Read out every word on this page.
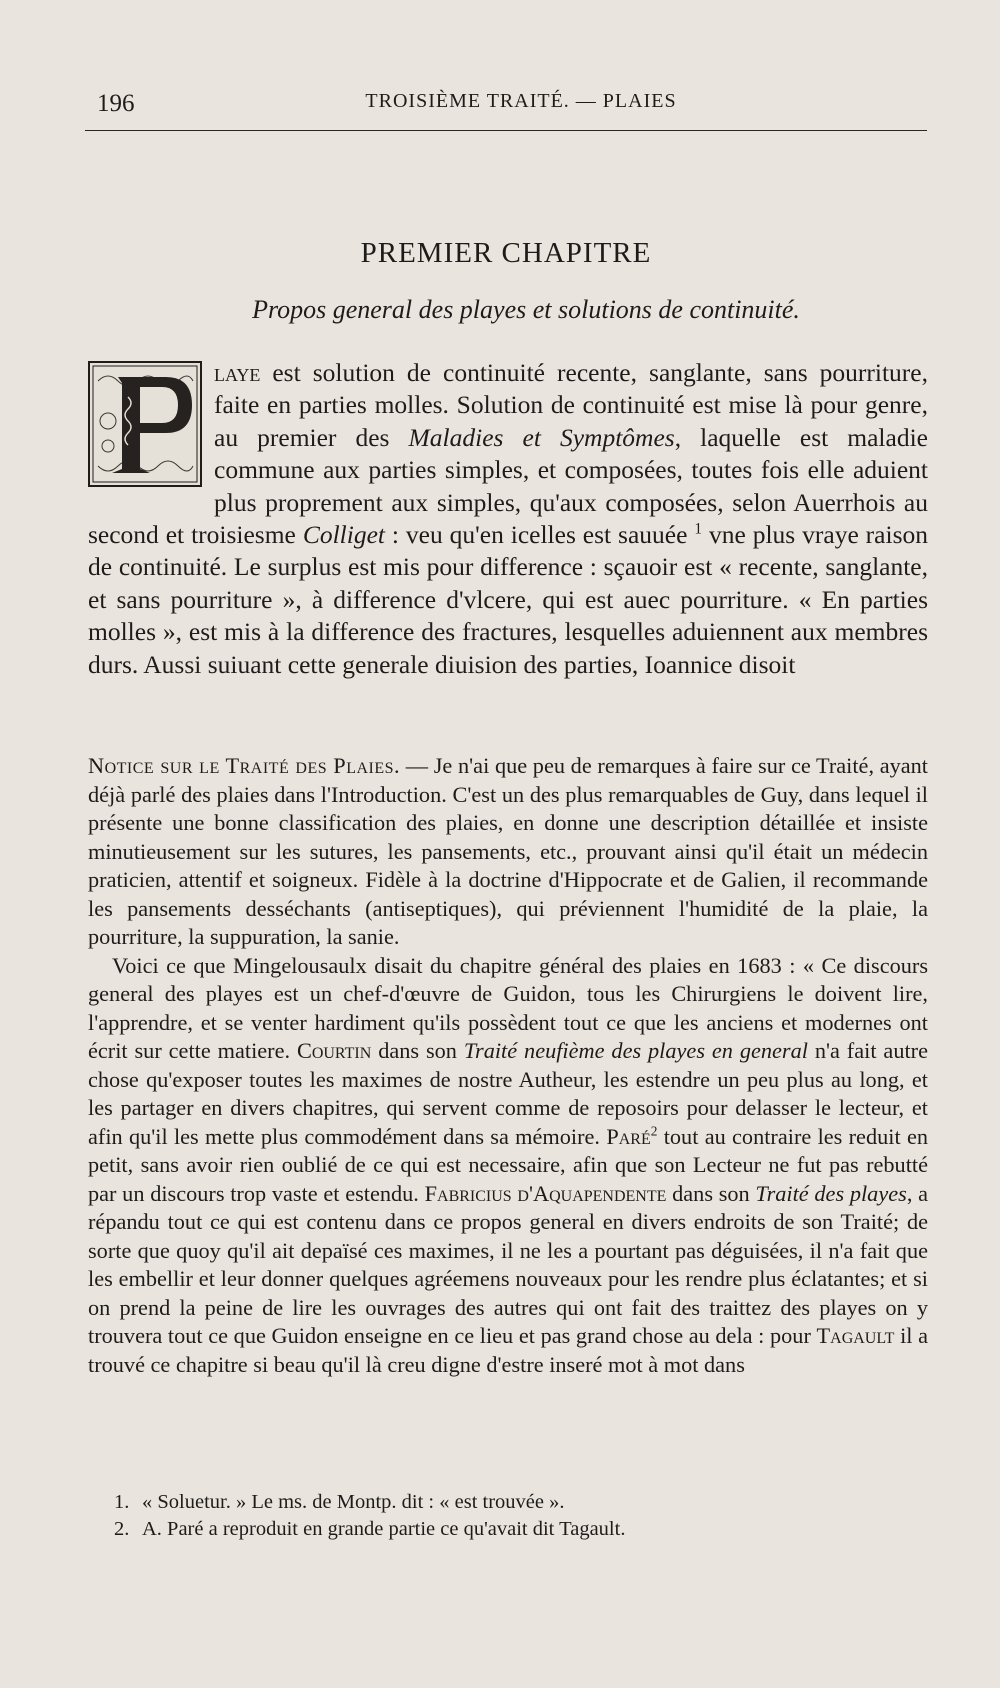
196	TROISIÈME TRAITÉ. — PLAIES
PREMIER CHAPITRE
Propos general des playes et solutions de continuité.
P
laye est solution de continuité recente, sanglante, sans pourriture, faite en parties molles. Solution de continuité est mise là pour genre, au premier des Maladies et Symptômes, laquelle est maladie commune aux parties simples, et composées, toutes fois elle aduient plus proprement aux simples, qu'aux composées, selon Auerrhois au second et troisiesme Colliget : veu qu'en icelles est sauuée $^1$ vne plus vraye raison de continuité. Le surplus est mis pour difference : sçauoir est « recente, sanglante, et sans pourriture », à difference d'vlcere, qui est auec pourriture. « En parties molles », est mis à la difference des fractures, lesquelles aduiennent aux membres durs. Aussi suiuant cette generale diuision des parties, Ioannice disoit

Notice sur le Traité des Plaies. — Je n'ai que peu de remarques à faire sur ce Traité, ayant déjà parlé des plaies dans l'Introduction. C'est un des plus remarquables de Guy, dans lequel il présente une bonne classification des plaies, en donne une description détaillée et insiste minutieusement sur les sutures, les pansements, etc., prouvant ainsi qu'il était un médecin praticien, attentif et soigneux. Fidèle à la doctrine d'Hippocrate et de Galien, il recommande les pansements desséchants (antiseptiques), qui préviennent l'humidité de la plaie, la pourriture, la suppuration, la sanie.

Voici ce que Mingelousaulx disait du chapitre général des plaies en 1683 : « Ce discours general des playes est un chef-d'œuvre de Guidon, tous les Chirurgiens le doivent lire, l'apprendre, et se venter hardiment qu'ils possèdent tout ce que les anciens et modernes ont écrit sur cette matiere. Courtin dans son Traité neufième des playes en general n'a fait autre chose qu'exposer toutes les maximes de nostre Autheur, les estendre un peu plus au long, et les partager en divers chapitres, qui servent comme de reposoirs pour delasser le lecteur, et afin qu'il les mette plus commodément dans sa mémoire. Paré$^2$ tout au contraire les reduit en petit, sans avoir rien oublié de ce qui est necessaire, afin que son Lecteur ne fut pas rebutté par un discours trop vaste et estendu. Fabricius d'Aquapendente dans son Traité des playes, a répandu tout ce qui est contenu dans ce propos general en divers endroits de son Traité; de sorte que quoy qu'il ait depaïsé ces maximes, il ne les a pourtant pas déguisées, il n'a fait que les embellir et leur donner quelques agréemens nouveaux pour les rendre plus éclatantes; et si on prend la peine de lire les ouvrages des autres qui ont fait des traittez des playes on y trouvera tout ce que Guidon enseigne en ce lieu et pas grand chose au dela : pour Tagault il a trouvé ce chapitre si beau qu'il là creu digne d'estre inseré mot à mot dans

1. « Soluetur. » Le ms. de Montp. dit : « est trouvée ».
2. A. Paré a reproduit en grande partie ce qu'avait dit Tagault.
